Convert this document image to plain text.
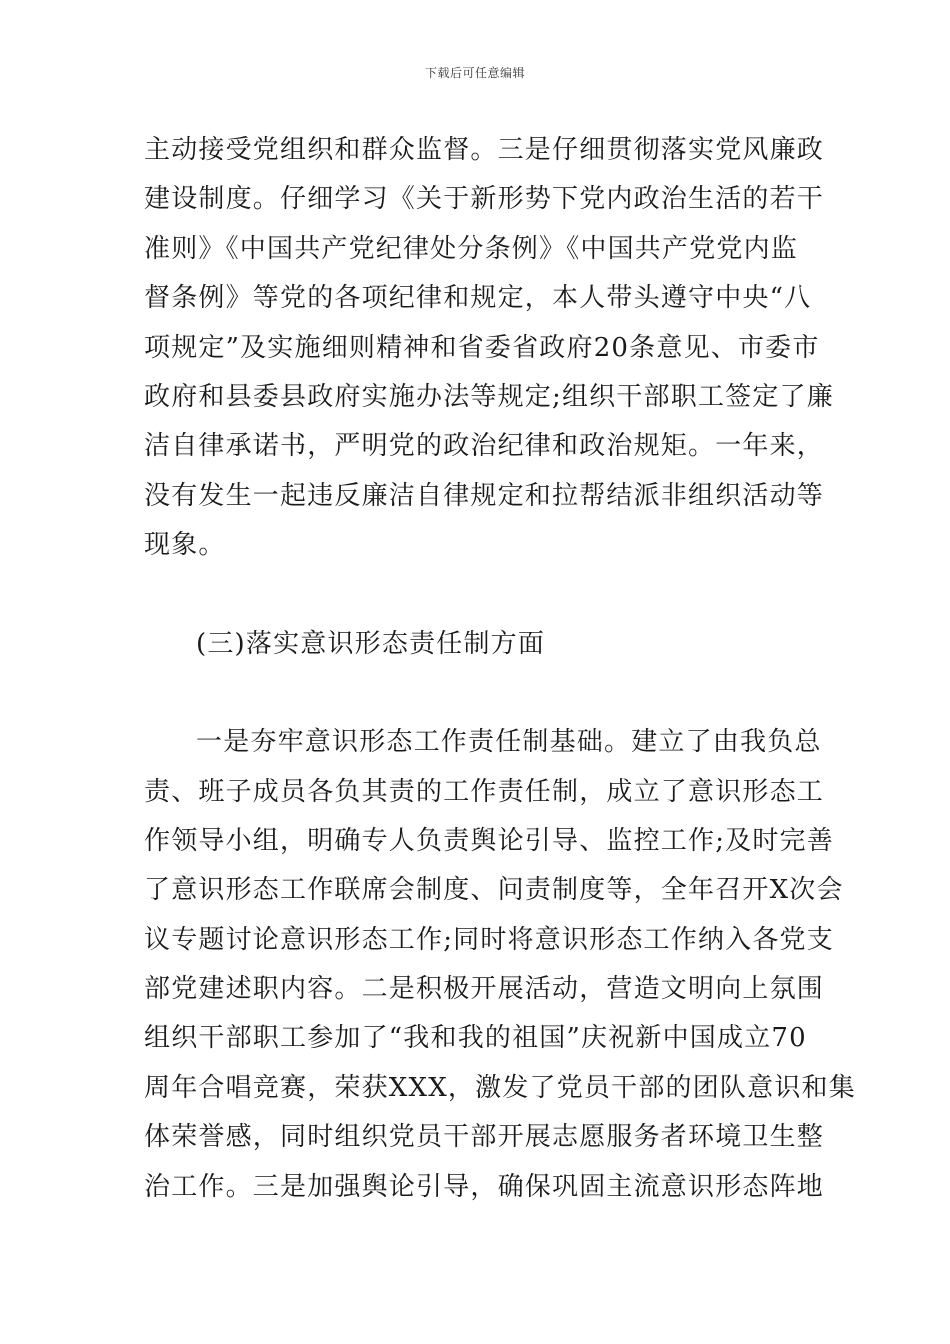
下载后可任意编辑
主动接受党组织和群众监督。三是仔细贯彻落实党风廉政
建设制度。仔细学习《关于新形势下党内政治生活的若干
准则》《中国共产党纪律处分条例》《中国共产党党内监
督条例》等党的各项纪律和规定，本人带头遵守中央“八
项规定”及实施细则精神和省委省政府20条意见、市委市
政府和县委县政府实施办法等规定;组织干部职工签定了廉
洁自律承诺书，严明党的政治纪律和政治规矩。一年来，
没有发生一起违反廉洁自律规定和拉帮结派非组织活动等
现象。
(三)落实意识形态责任制方面
一是夯牢意识形态工作责任制基础。建立了由我负总
责、班子成员各负其责的工作责任制，成立了意识形态工
作领导小组，明确专人负责舆论引导、监控工作;及时完善
了意识形态工作联席会制度、问责制度等，全年召开X次会
议专题讨论意识形态工作;同时将意识形态工作纳入各党支
部党建述职内容。二是积极开展活动，营造文明向上氛围
组织干部职工参加了“我和我的祖国”庆祝新中国成立70
周年合唱竞赛，荣获XXX，激发了党员干部的团队意识和集
体荣誉感，同时组织党员干部开展志愿服务者环境卫生整
治工作。三是加强舆论引导，确保巩固主流意识形态阵地
